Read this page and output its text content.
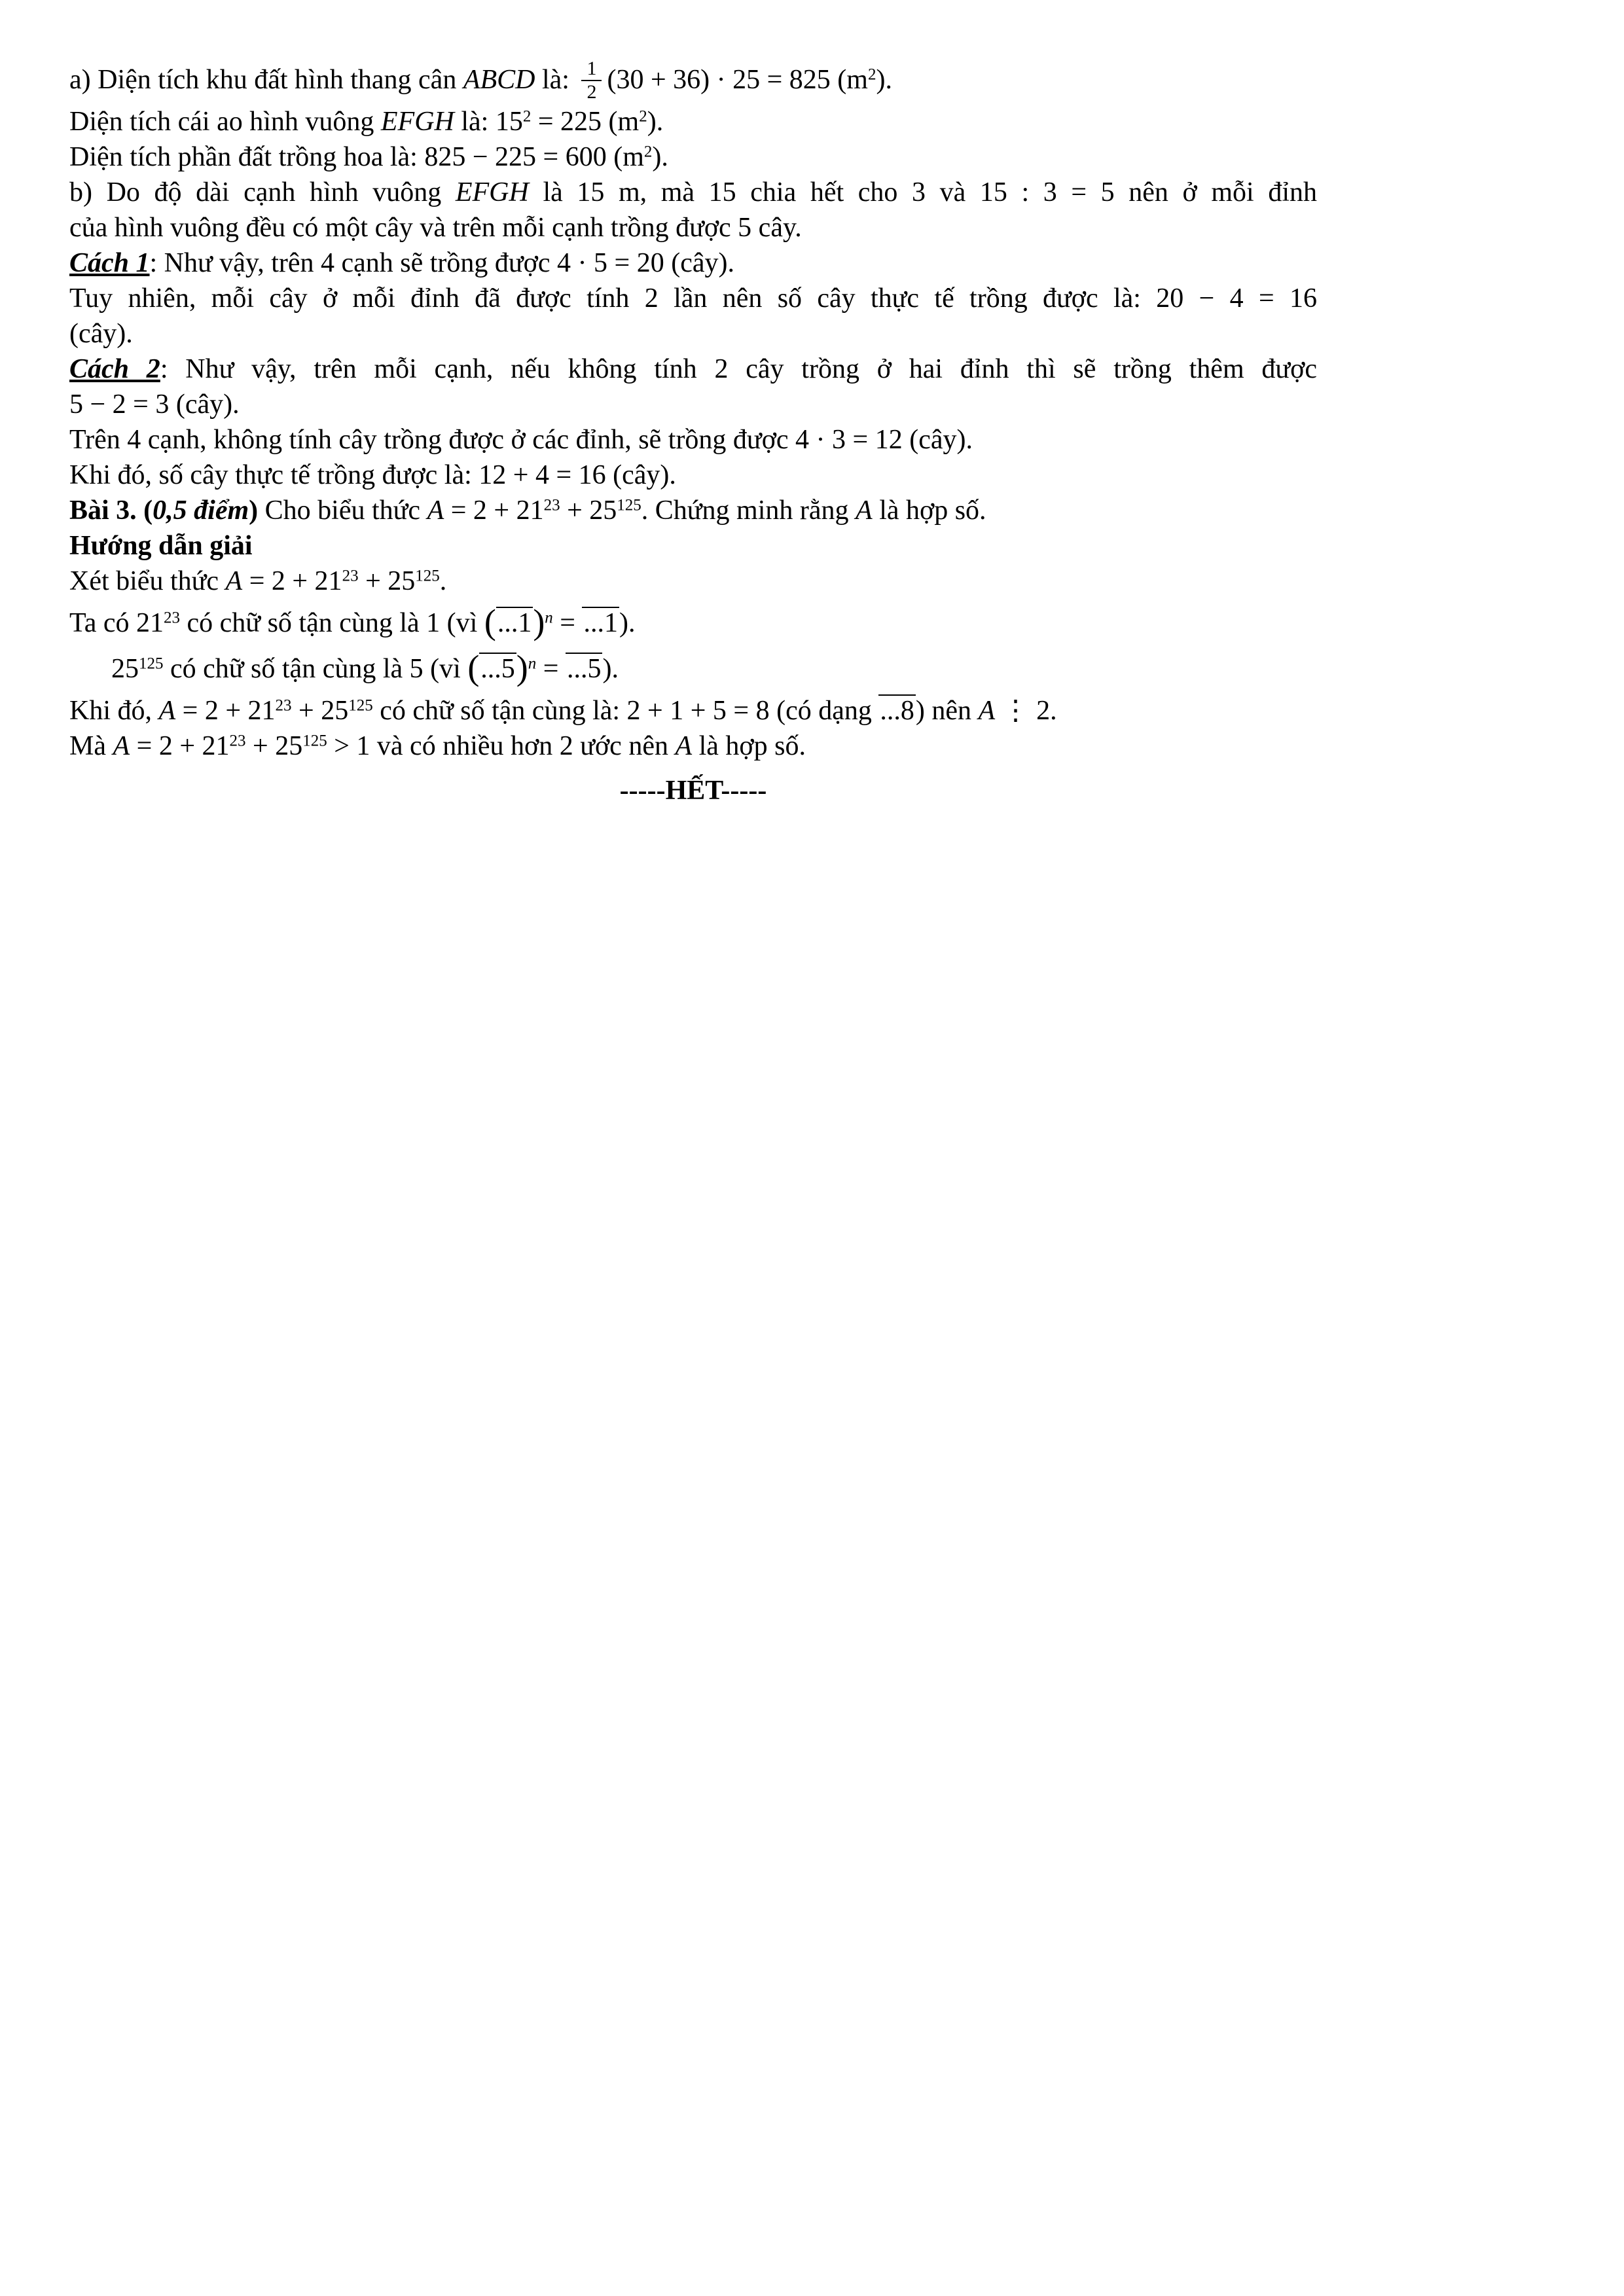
a) Diện tích khu đất hình thang cân ABCD là: $\frac{1}{2} (30 + 36) \cdot 25 = 825$ $(m^2)$.
Diện tích cái ao hình vuông EFGH là: $15^2 = 225$ $(m^2)$.
Diện tích phần đất trồng hoa là: 825 − 225 = 600 $(m^2)$.
b) Do độ dài cạnh hình vuông EFGH là 15 m, mà 15 chia hết cho 3 và 15 : 3 = 5 nên ở mỗi đỉnh
của hình vuông đều có một cây và trên mỗi cạnh trồng được 5 cây.
Cách 1: Như vậy, trên 4 cạnh sẽ trồng được 4 · 5 = 20 (cây).
Tuy nhiên, mỗi cây ở mỗi đỉnh đã được tính 2 lần nên số cây thực tế trồng được là: 20 − 4 = 16
(cây).
Cách 2: Như vậy, trên mỗi cạnh, nếu không tính 2 cây trồng ở hai đỉnh thì sẽ trồng thêm được
5 − 2 = 3 (cây).
Trên 4 cạnh, không tính cây trồng được ở các đỉnh, sẽ trồng được 4 · 3 = 12 (cây).
Khi đó, số cây thực tế trồng được là: 12 + 4 = 16 (cây).
Bài 3. (0,5 điểm) Cho biểu thức $A = 2 + 21^{23} + 25^{125}$. Chứng minh rằng A là hợp số.
Hướng dẫn giải
Xét biểu thức $A = 2 + 21^{23} + 25^{125}$.
Ta có $21^{23}$ có chữ số tận cùng là 1 (vì $(...1)^n = ...1$).
$25^{125}$ có chữ số tận cùng là 5 (vì $(...5)^n = ...5$).
Khi đó, $A = 2 + 21^{23} + 25^{125}$ có chữ số tận cùng là: 2 + 1 + 5 = 8 (có dạng ...8) nên A ⋮ 2.
Mà $A = 2 + 21^{23} + 25^{125} > 1$ và có nhiều hơn 2 ước nên A là hợp số.
-----HẾT-----
